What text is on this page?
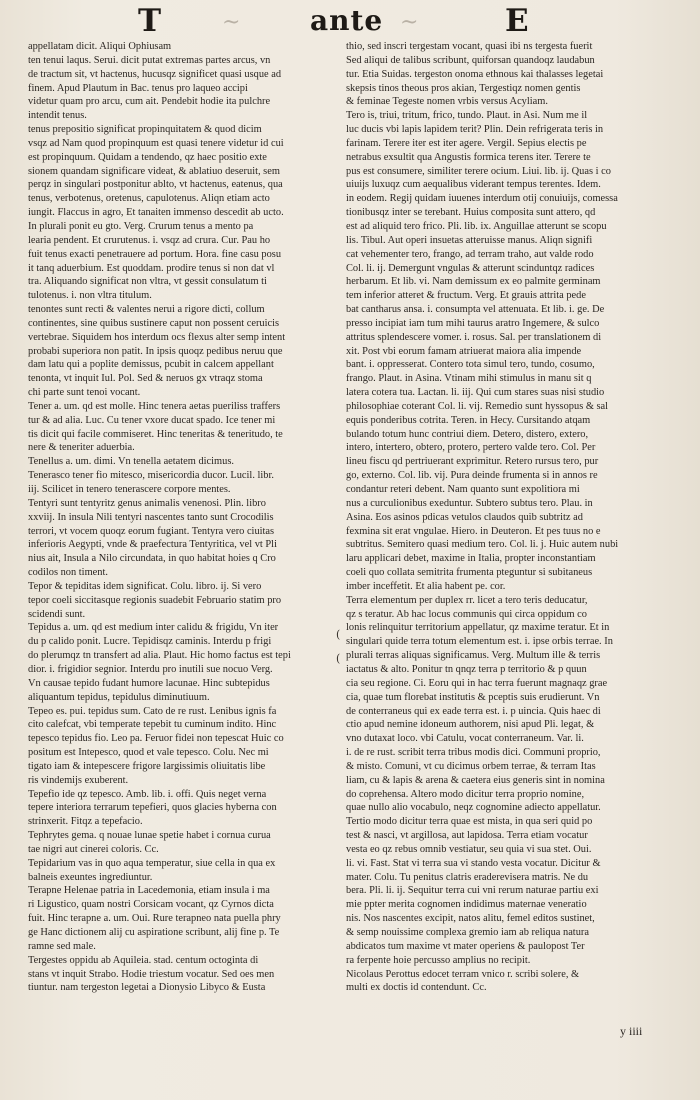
T	~ ante ~	E
appellatam dicit. Aliqui Ophiusam
ten tenui laqus. Serui. dicit putat extremas partes arcus, vn
de tractum sit, vt hactenus, hucusqz significet quasi usque ad
finem. Apud Plautum in Bac. tenus pro laqueo accipi
videtur quam pro arcu, cum ait. Pendebit hodie ita pulchre
intendit tenus.
tenus prepositio significat propinquitatem & quod dicim
vsqz ad Nam quod propinquum est quasi tenere videtur id cui
est propinquum. Quidam a tendendo, qz haec positio exte
sionem quandam significare videat, & ablatiuo deseruit, sem
perqz in singulari postponitur ablto, vt hactenus, eatenus, qua
tenus, verbotenus, oretenus, capulotenus. Aliqn etiam acto
iungit. Flaccus in agro, Et tanaiten immenso descedit ab ucto.
In plurali ponit eu gto. Verg. Crurum tenus a mento pa
learia pendent. Et crurutenus. i. vsqz ad crura. Cur. Pau ho
fuit tenus exacti penetrauere ad portum. Hora. fine casu posu
it tanq aduerbium. Est quoddam. prodire tenus si non dat vl
tra. Aliquando significat non vltra, vt gessit consulatum ti
tulotenus. i. non vltra titulum.
tenontes sunt recti & valentes nerui a rigore dicti, collum
continentes, sine quibus sustinere caput non possent ceruicis
vertebrae. Siquidem hos interdum ocs flexus alter semp intent
probabi superiora non patit. In ipsis quoqz pedibus neruu que
dam latu qui a poplite demissus, pcubit in calcem appellant
tenonta, vt inquit Iul. Pol. Sed & neruos gx vtraqz stoma
chi parte sunt tenoi vocant.
Tener a. um. qd est molle. Hinc tenera aetas pueriliss traffers
tur & ad alia. Luc. Cu tener vxore ducat spado. Ice tener mi
tis dicit qui facile commiseret. Hinc teneritas & teneritudo, te
nere & teneriter aduerbia.
Tenellus a. um. dimi. Vn tenella aetatem dicimus.
Tenerasco tener fio mitesco, misericordia ducor. Lucil. libr.
iij. Scilicet in tenero tenerascere corpore mentes.
Tentyri sunt tentyritz genus animalis venenosi. Plin. libro
xxviij. In insula Nili tentyri nascentes tanto sunt Crocodilis
terrori, vt vocem quoqz eorum fugiant. Tentyra vero ciuitas
inferioris Aegypti, vnde & praefectura Tentyritica, vel vt Pli
nius ait, Insula a Nilo circundata, in quo habitat hoies q Cro
codilos non timent.
Tepor & tepiditas idem significat. Colu. libro. ij. Si vero
tepor coeli siccitasque regionis suadebit Februario statim pro
scidendi sunt.
Tepidus a. um. qd est medium inter calidu & frigidu, Vn iter
du p calido ponit. Lucre. Tepidisqz caminis. Interdu p frigi
do plerumqz tn transfert ad alia. Plaut. Hic homo factus est tepi
dior. i. frigidior segnior. Interdu pro inutili sue nocuo Verg.
Vn causae tepido fudant humore lacunae. Hinc subtepidus
aliquantum tepidus, tepidulus diminutiuum.
Tepeo es. pui. tepidus sum. Cato de re rust. Lenibus ignis fa
cito calefcat, vbi temperate tepebit tu cuminum indito. Hinc
tepesco tepidus fio. Leo pa. Feruor fidei non tepescat Huic co
positum est Intepesco, quod et vale tepesco. Colu. Nec mi
tigato iam & intepescere frigore largissimis oliuitatis libe
ris vindemijs exuberent.
Tepefio ide qz tepesco. Amb. lib. i. offi. Quis neget verna
tepere interiora terrarum tepefieri, quos glacies hyberna con
strinxerit. Fitqz a tepefacio.
Tephrytes gema. q nouae lunae spetie habet i cornua curua
tae nigri aut cinerei coloris. Cc.
Tepidarium vas in quo aqua temperatur, siue cella in qua ex
balneis exeuntes ingrediuntur.
Terapne Helenae patria in Lacedemonia, etiam insula i ma
ri Ligustico, quam nostri Corsicam vocant, qz Cyrnos dicta
fuit. Hinc terapne a. um. Oui. Rure terapneo nata puella phry
ge Hanc dictionem alij cu aspiratione scribunt, alij fine p. Te
ramne sed male.
Tergestes oppidu ab Aquileia. stad. centum octoginta di
stans vt inquit Strabo. Hodie triestum vocatur. Sed oes men
tiuntur. nam tergeston legetai a Dionysio Libyco & Eusta
thio, sed inscri tergestam vocant, quasi ibi ns tergesta fuerit
Sed aliqui de talibus scribunt, quiforsan quandoqz laudabun
tur. Etia Suidas. tergeston onoma ethnous kai thalasses legetai
skepsis tinos theous pros akian, Tergestiqz nomen gentis
& feminae Tegeste nomen vrbis versus Acyliam.
Tero is, triui, tritum, frico, tundo. Plaut. in Asi. Num me il
luc ducis vbi lapis lapidem terit? Plin. Dein refrigerata teris in
farinam. Terere iter est iter agere. Vergil. Sepius electis pe
netrabus exsultit qua Angustis formica terens iter. Terere te
pus est consumere, similiter terere ocium. Liui. lib. ij. Quas i co
uiuijs luxuqz cum aequalibus viderant tempus terentes. Idem.
in eodem. Regij quidam iuuenes interdum otij conuiuijs, comessa
tionibusqz inter se terebant. Huius composita sunt attero, qd
est ad aliquid tero frico. Pli. lib. ix. Anguillae atterunt se scopu
lis. Tibul. Aut operi insuetas atteruisse manus. Aliqn signifi
cat vehementer tero, frango, ad terram traho, aut valde rodo
Col. li. ij. Demergunt vngulas & atterunt scinduntqz radices
herbarum. Et lib. vi. Nam demissum ex eo palmite germinam
tem inferior atteret & fructum. Verg. Et grauis attrita pede
bat cantharus ansa. i. consumpta vel attenuata. Et lib. i. ge. De
presso incipiat iam tum mihi taurus aratro Ingemere, & sulco
attritus splendescere vomer. i. rosus. Sal. per translationem di
xit. Post vbi eorum famam atriuerat maiora alia impende
bant. i. oppresserat. Contero tota simul tero, tundo, cosumo,
frango. Plaut. in Asina. Vtinam mihi stimulus in manu sit q
latera cotera tua. Lactan. li. iij. Qui cum stares suas nisi studio
philosophiae coterant Col. li. vij. Remedio sunt hyssopus & sal
equis ponderibus cotrita. Teren. in Hecy. Cursitando atqam
bulando totum hunc contriui diem. Detero, distero, extero,
intero, intertero, obtero, protero, pertero valde tero. Col. Per
lineu fiscu qd pertriuerant exprimitur. Retero rursus tero, pur
go, externo. Col. lib. vij. Pura deinde frumenta si in annos re
condantur reteri debent. Nam quanto sunt expolitiora mi
nus a curculionibus exeduntur. Subtero subtus tero. Plau. in
Asina. Eos asinos pdicas vetulos claudos quib subtritz ad
fexmina sit erat vngulae. Hiero. in Deuteron. Et pes tuus no e
subtritus. Semitero quasi medium tero. Col. li. j. Huic autem nubi
laru applicari debet, maxime in Italia, propter inconstantiam
coeli quo collata semitrita frumenta pteguntur si subitaneus
imber inceffetit. Et alia habent pe. cor.
Terra elementum per duplex rr. licet a tero teris deducatur,
qz s teratur. Ab hac locus communis qui circa oppidum co
lonis relinquitur territorium appellatur, qz maxime teratur. Et in
singulari quide terra totum elementum est. i. ipse orbis terrae. In
plurali terras aliquas significamus. Verg. Multum ille & terris
iactatus & alto. Ponitur tn qnqz terra p territorio & p quun
cia seu regione. Ci. Eoru qui in hac terra fuerunt magnaqz grae
cia, quae tum florebat institutis & pceptis suis erudierunt. Vn
de conterraneus qui ex eade terra est. i. p uincia. Quis haec di
ctio apud nemine idoneum authorem, nisi apud Pli. legat, &
vno dutaxat loco. vbi Catulu, vocat conterraneum. Var. li.
i. de re rust. scribit terra tribus modis dici. Communi proprio,
& misto. Comuni, vt cu dicimus orbem terrae, & terram Itas
liam, cu & lapis & arena & caetera eius generis sint in nomina
do coprehensa. Altero modo dicitur terra proprio nomine,
quae nullo alio vocabulo, neqz cognomine adiecto appellatur.
Tertio modo dicitur terra quae est mista, in qua seri quid po
test & nasci, vt argillosa, aut lapidosa. Terra etiam vocatur
vesta eo qz rebus omnib vestiatur, seu quia vi sua stet. Oui.
li. vi. Fast. Stat vi terra sua vi stando vesta vocatur. Dicitur &
mater. Colu. Tu penitus clatris eraderevisera matris. Ne du
bera. Pli. li. ij. Sequitur terra cui vni rerum naturae partiu exi
mie ppter merita cognomen indidimus maternae veneratio
nis. Nos nascentes excipit, natos alitu, femel editos sustinet,
& semp nouissime complexa gremio iam ab reliqua natura
abdicatos tum maxime vt mater operiens & paulopost Ter
ra ferpente hoie percusso amplius no recipit.
Nicolaus Perottus edocet terram vnico r. scribi solere, &
multi ex doctis id contendunt. Cc.
(
(
y iiii
